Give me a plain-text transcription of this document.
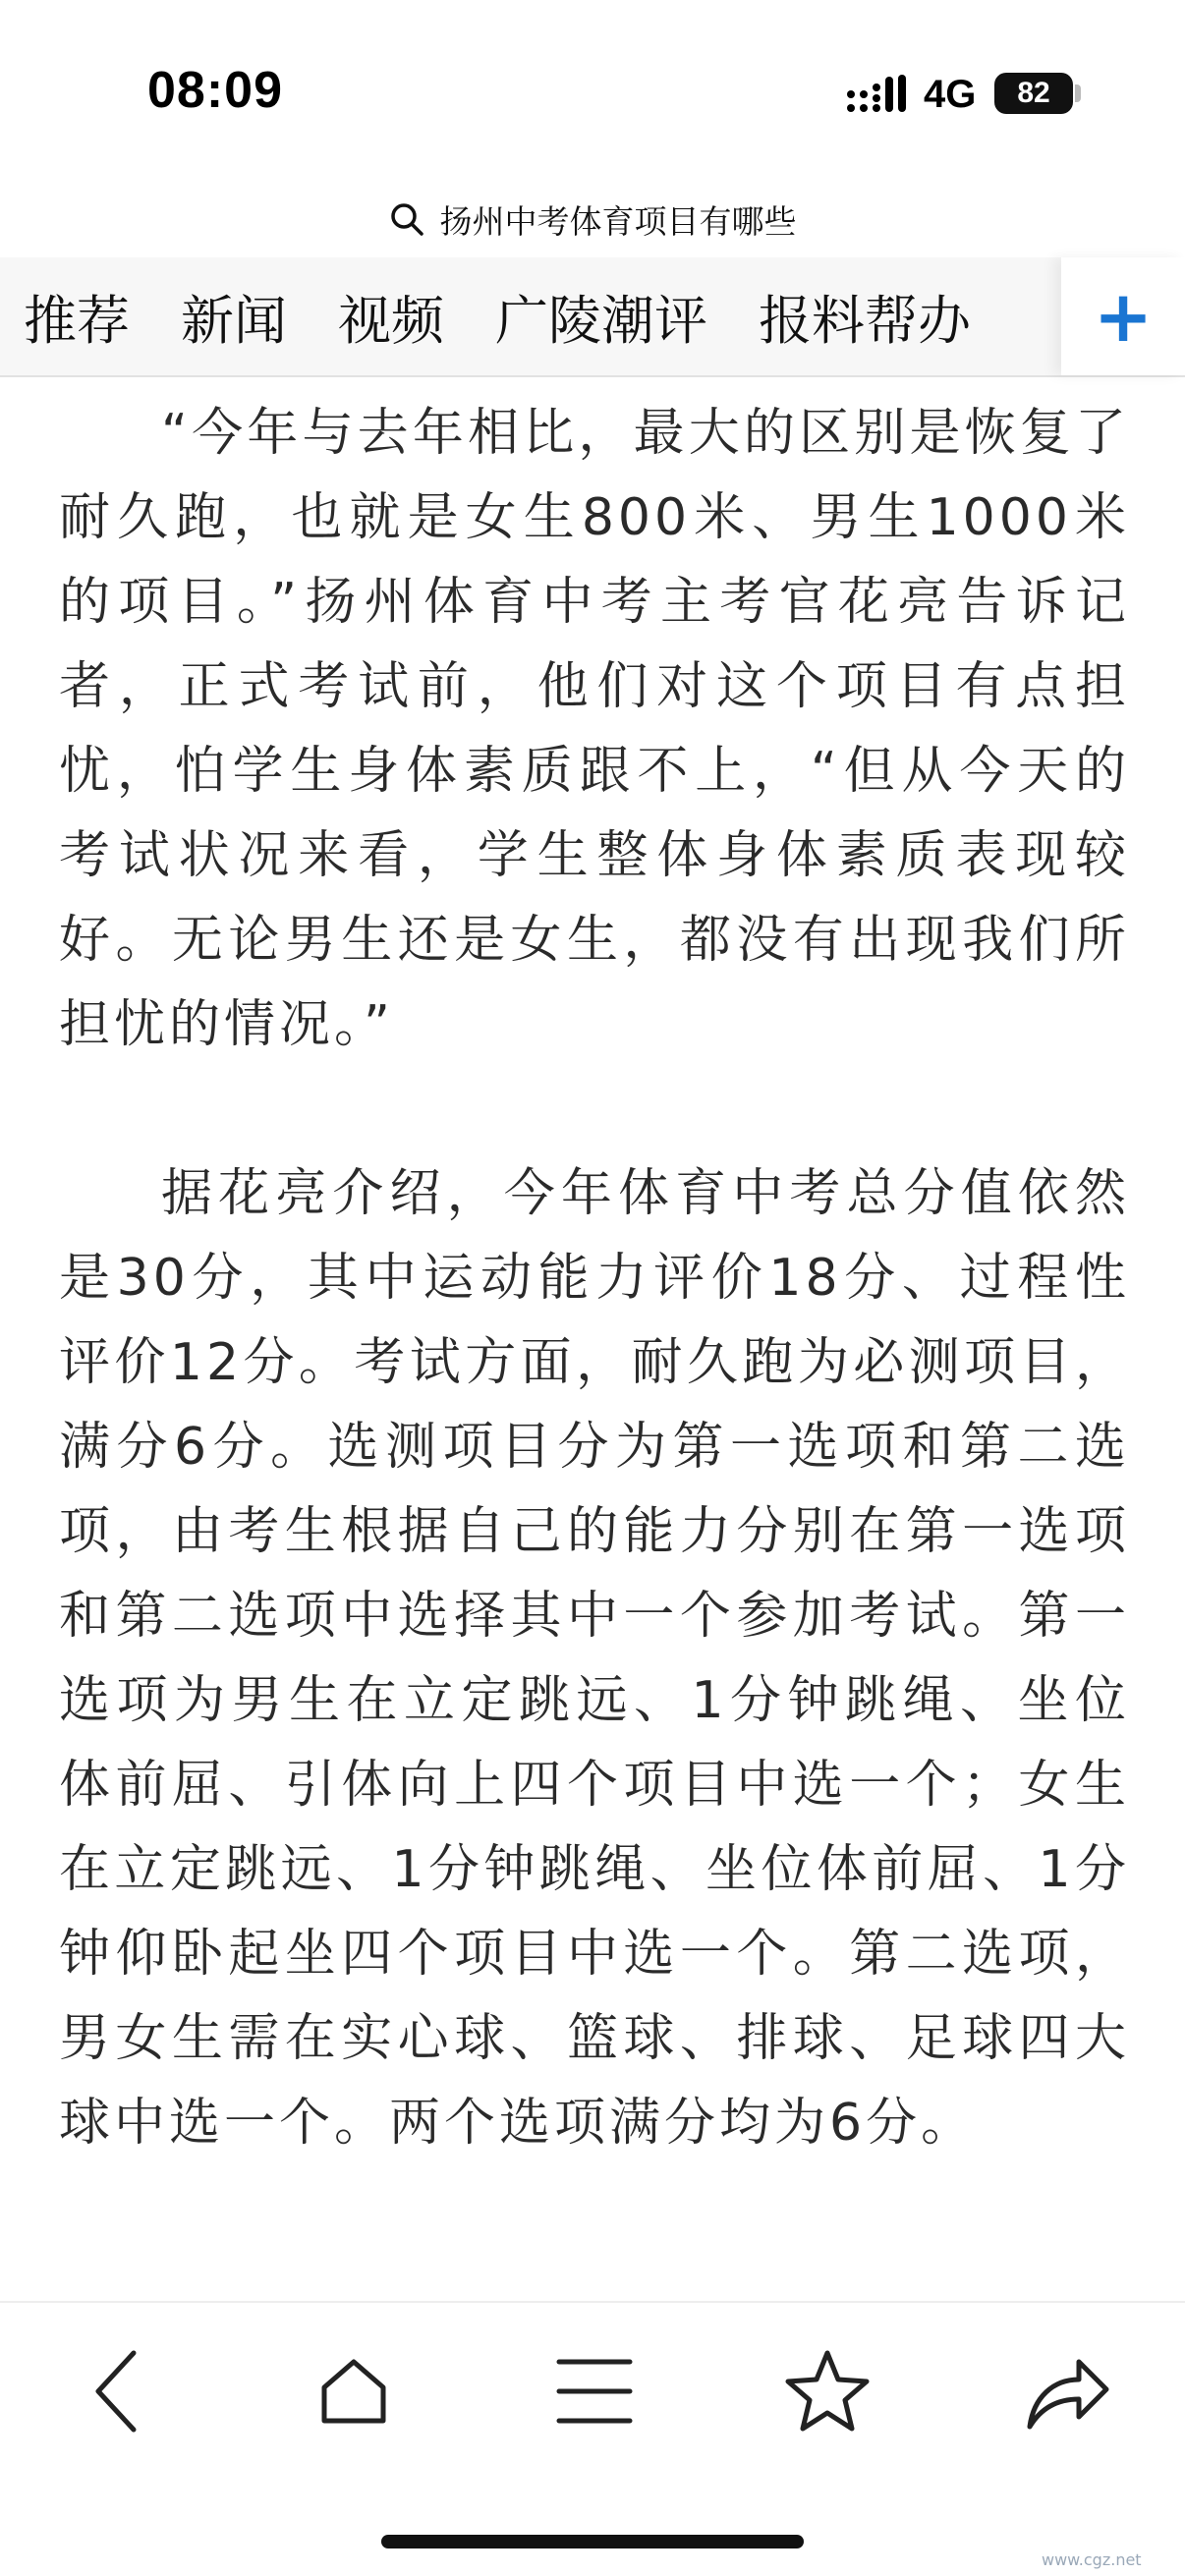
08:09	4G 82
扬州中考体育项目有哪些
推荐 新闻 视频 广陵潮评 报料帮办 +

“今年与去年相比，最大的区别是恢复了耐久跑，也就是女生800米、男生1000米的项目。”扬州体育中考主考官花亮告诉记者，正式考试前，他们对这个项目有点担忧，怕学生身体素质跟不上，“但从今天的考试状况来看，学生整体身体素质表现较好。无论男生还是女生，都没有出现我们所担忧的情况。”

据花亮介绍，今年体育中考总分值依然是30分，其中运动能力评价18分、过程性评价12分。考试方面，耐久跑为必测项目，满分6分。选测项目分为第一选项和第二选项，由考生根据自己的能力分别在第一选项和第二选项中选择其中一个参加考试。第一选项为男生在立定跳远、1分钟跳绳、坐位体前屈、引体向上四个项目中选一个；女生在立定跳远、1分钟跳绳、坐位体前屈、1分钟仰卧起坐四个项目中选一个。第二选项，男女生需在实心球、篮球、排球、足球四大球中选一个。两个选项满分均为6分。

www.cgz.net
